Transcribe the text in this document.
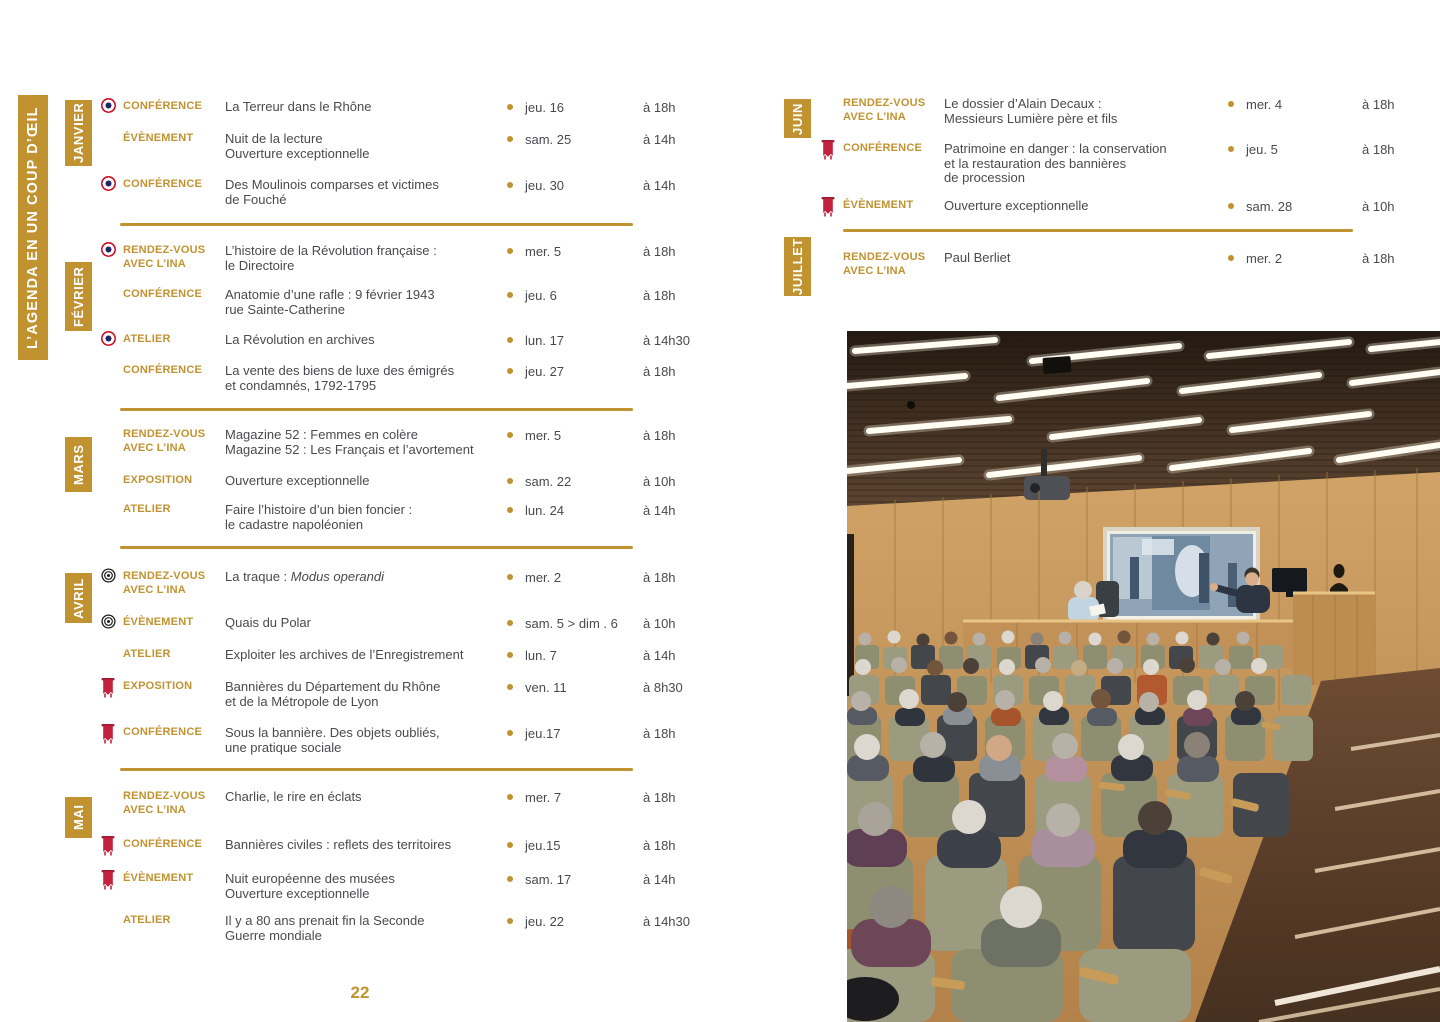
L’AGENDA EN UN COUP D’ŒIL	JANVIER
FÉVRIER
MARS
AVRIL
MAI
JUIN
JUILLET
CONFÉRENCE	La Terreur dans le Rhône	jeu. 16	à 18h
ÉVÈNEMENT	Nuit de la lecture
Ouverture exceptionnelle
sam. 25	à 14h
CONFÉRENCE	Des Moulinois comparses et victimes
de Fouché
jeu. 30	à 14h
RENDEZ-VOUS AVEC L’INA
L’histoire de la Révolution française :
le Directoire
mer. 5	à 18h
CONFÉRENCE	Anatomie d’une rafle : 9 février 1943
rue Sainte-Catherine
jeu. 6	à 18h
ATELIER	La Révolution en archives	lun. 17	à 14h30
CONFÉRENCE	La vente des biens de luxe des émigrés
et condamnés, 1792-1795
jeu. 27	à 18h
RENDEZ-VOUS AVEC L’INA
Magazine 52 : Femmes en colère
Magazine 52 : Les Français et l’avortement
mer. 5	à 18h
EXPOSITION	Ouverture exceptionnelle	sam. 22	à 10h
ATELIER	Faire l’histoire d’un bien foncier :
le cadastre napoléonien
lun. 24	à 14h
RENDEZ-VOUS AVEC L’INA
La traque : Modus operandi	mer. 2	à 18h
ÉVÈNEMENT	Quais du Polar	sam. 5 > dim . 6	à 10h
ATELIER	Exploiter les archives de l’Enregistrement	lun. 7	à 14h
EXPOSITION	Bannières du Département du Rhône
et de la Métropole de Lyon
ven. 11	à 8h30
CONFÉRENCE	Sous la bannière. Des objets oubliés,
une pratique sociale
jeu.17	à 18h
RENDEZ-VOUS AVEC L’INA
Charlie, le rire en éclats	mer. 7	à 18h
CONFÉRENCE	Bannières civiles : reflets des territoires	jeu.15	à 18h
ÉVÈNEMENT	Nuit européenne des musées
Ouverture exceptionnelle
sam. 17	à 14h
ATELIER	Il y a 80 ans prenait fin la Seconde
Guerre mondiale
jeu. 22	à 14h30
RENDEZ-VOUS AVEC L’INA
Le dossier d’Alain Decaux :
Messieurs Lumière père et fils
mer. 4	à 18h
CONFÉRENCE	Patrimoine en danger : la conservation
et la restauration des bannières
de procession
jeu. 5	à 18h
ÉVÈNEMENT	Ouverture exceptionnelle	sam. 28	à 10h
RENDEZ-VOUS AVEC L’INA
Paul Berliet	mer. 2	à 18h
22
